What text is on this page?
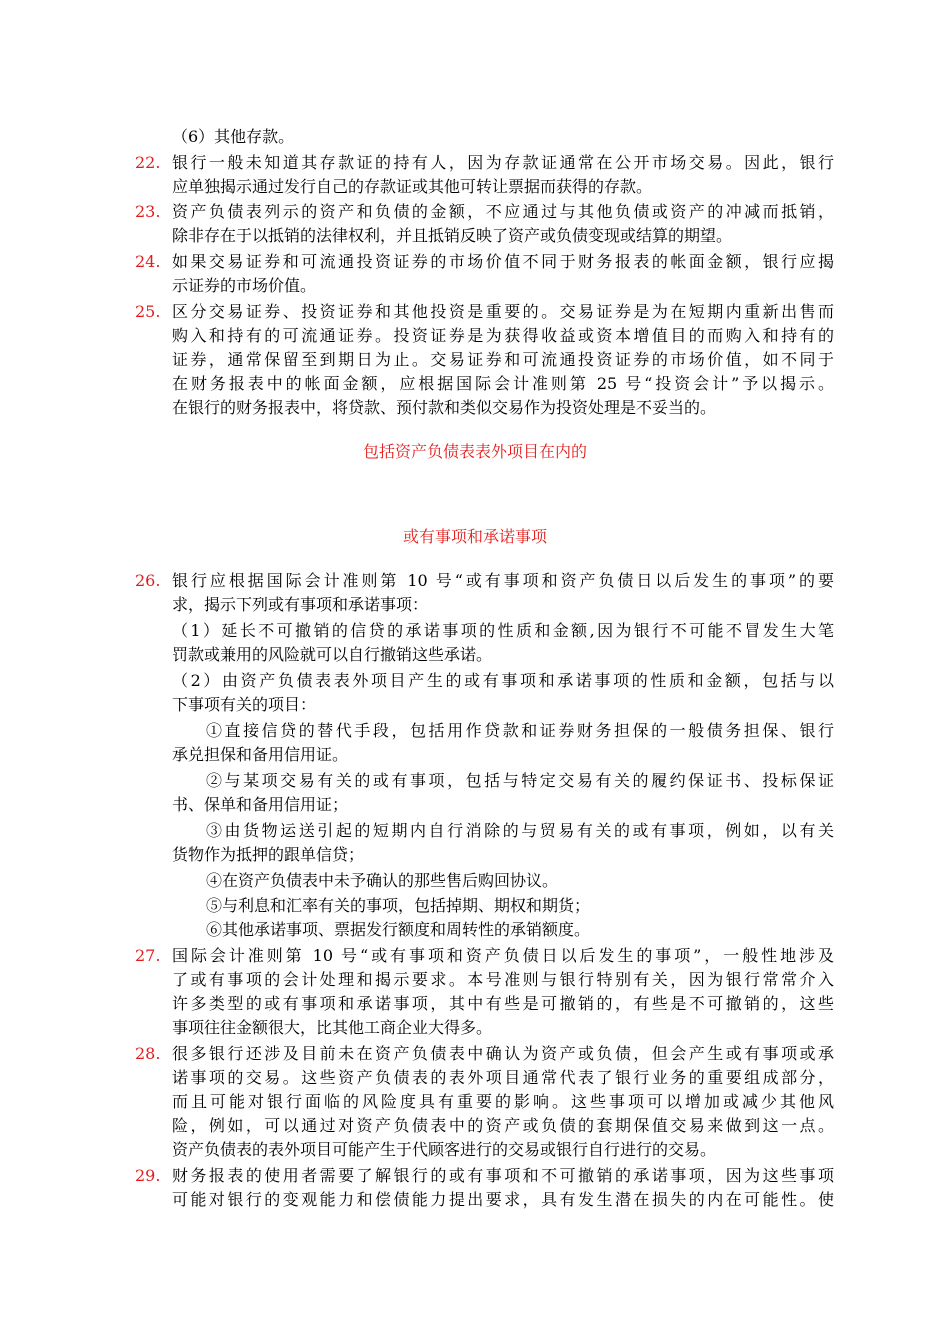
（6）其他存款。
22. 银行一般未知道其存款证的持有人，因为存款证通常在公开市场交易。因此，银行
应单独揭示通过发行自己的存款证或其他可转让票据而获得的存款。
23. 资产负债表列示的资产和负债的金额，不应通过与其他负债或资产的冲减而抵销，
除非存在于以抵销的法律权利，并且抵销反映了资产或负债变现或结算的期望。
24. 如果交易证券和可流通投资证券的市场价值不同于财务报表的帐面金额，银行应揭
示证券的市场价值。
25. 区分交易证券、投资证券和其他投资是重要的。交易证券是为在短期内重新出售而
购入和持有的可流通证券。投资证券是为获得收益或资本增值目的而购入和持有的
证券，通常保留至到期日为止。交易证券和可流通投资证券的市场价值，如不同于
在财务报表中的帐面金额，应根据国际会计准则第 25 号“投资会计”予以揭示。
在银行的财务报表中，将贷款、预付款和类似交易作为投资处理是不妥当的。
包括资产负债表表外项目在内的
或有事项和承诺事项
26. 银行应根据国际会计准则第 10 号“或有事项和资产负债日以后发生的事项”的要
求，揭示下列或有事项和承诺事项：
（1）延长不可撤销的信贷的承诺事项的性质和金额,因为银行不可能不冒发生大笔
罚款或兼用的风险就可以自行撤销这些承诺。
（2）由资产负债表表外项目产生的或有事项和承诺事项的性质和金额，包括与以
下事项有关的项目：
①直接信贷的替代手段，包括用作贷款和证券财务担保的一般债务担保、银行
承兑担保和备用信用证。
②与某项交易有关的或有事项，包括与特定交易有关的履约保证书、投标保证
书、保单和备用信用证；
③由货物运送引起的短期内自行消除的与贸易有关的或有事项，例如，以有关
货物作为抵押的跟单信贷；
④在资产负债表中未予确认的那些售后购回协议。
⑤与利息和汇率有关的事项，包括掉期、期权和期货；
⑥其他承诺事项、票据发行额度和周转性的承销额度。
27. 国际会计准则第 10 号“或有事项和资产负债日以后发生的事项”，一般性地涉及
了或有事项的会计处理和揭示要求。本号准则与银行特别有关，因为银行常常介入
许多类型的或有事项和承诺事项，其中有些是可撤销的，有些是不可撤销的，这些
事项往往金额很大，比其他工商企业大得多。
28. 很多银行还涉及目前未在资产负债表中确认为资产或负债，但会产生或有事项或承
诺事项的交易。这些资产负债表的表外项目通常代表了银行业务的重要组成部分，
而且可能对银行面临的风险度具有重要的影响。这些事项可以增加或减少其他风
险，例如，可以通过对资产负债表中的资产或负债的套期保值交易来做到这一点。
资产负债表的表外项目可能产生于代顾客进行的交易或银行自行进行的交易。
29. 财务报表的使用者需要了解银行的或有事项和不可撤销的承诺事项，因为这些事项
可能对银行的变观能力和偿债能力提出要求，具有发生潜在损失的内在可能性。使
